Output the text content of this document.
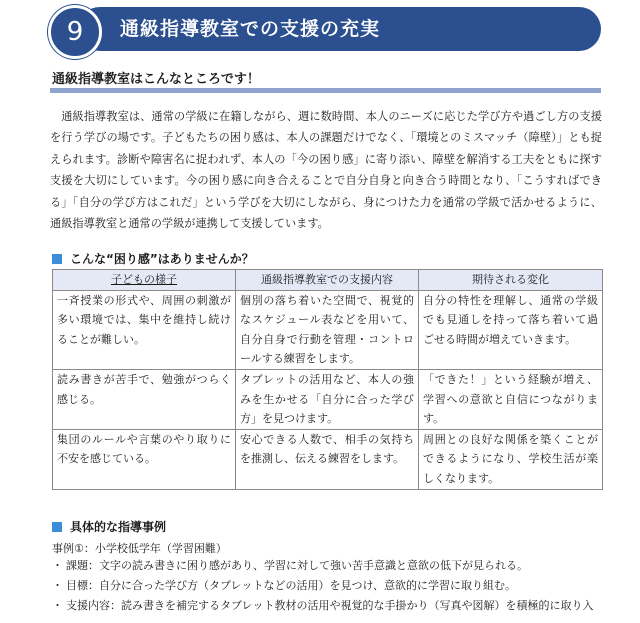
9	通級指導教室での支援の充実
通級指導教室はこんなところです！

通級指導教室は、通常の学級に在籍しながら、週に数時間、本人のニーズに応じた学び方や過ごし方の支援を行う学びの場です。子どもたちの困り感は、本人の課題だけでなく、「環境とのミスマッチ（障壁）」とも捉えられます。診断や障害名に捉われず、本人の「今の困り感」に寄り添い、障壁を解消する工夫をともに探す支援を大切にしています。今の困り感に向き合えることで自分自身と向き合う時間となり、「こうすればできる」「自分の学び方はこれだ」という学びを大切にしながら、身につけた力を通常の学級で活かせるように、通級指導教室と通常の学級が連携して支援しています。

こんな“困り感”はありませんか？
子どもの様子	通級指導教室での支援内容	期待される変化
一斉授業の形式や、周囲の刺激が多い環境では、集中を維持し続けることが難しい。	個別の落ち着いた空間で、視覚的なスケジュール表などを用いて、自分自身で行動を管理・コントロールする練習をします。	自分の特性を理解し、通常の学級でも見通しを持って落ち着いて過ごせる時間が増えていきます。
読み書きが苦手で、勉強がつらく感じる。	タブレットの活用など、本人の強みを生かせる「自分に合った学び方」を見つけます。	「できた！」という経験が増え、学習への意欲と自信につながります。
集団のルールや言葉のやり取りに不安を感じている。	安心できる人数で、相手の気持ちを推測し、伝える練習をします。	周囲との良好な関係を築くことができるようになり、学校生活が楽しくなります。
具体的な指導事例
事例①：小学校低学年（学習困難）
・ 課題：文字の読み書きに困り感があり、学習に対して強い苦手意識と意欲の低下が見られる。
・ 目標：自分に合った学び方（タブレットなどの活用）を見つけ、意欲的に学習に取り組む。
・ 支援内容：読み書きを補完するタブレット教材の活用や視覚的な手掛かり（写真や図解）を積極的に取り入
